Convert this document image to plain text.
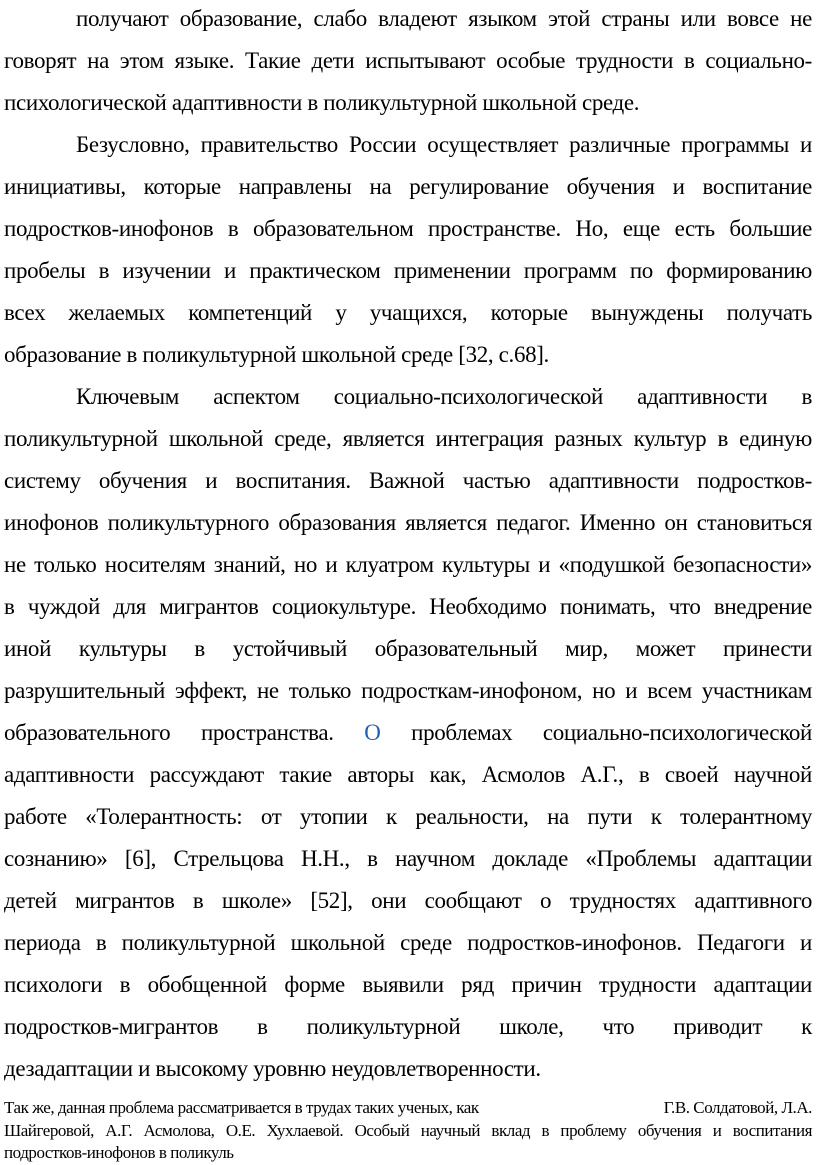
получают образование, слабо владеют языком этой страны или вовсе не
говорят на этом языке. Такие дети испытывают особые трудности в социально-
психологической адаптивности в поликультурной школьной среде.
Безусловно, правительство России осуществляет различные программы и
инициативы, которые направлены на регулирование обучения и воспитание
подростков-инофонов в образовательном пространстве. Но, еще есть большие
пробелы в изучении и практическом применении программ по формированию
всех желаемых компетенций у учащихся, которые вынуждены получать
образование в поликультурной школьной среде [32, с.68].
Ключевым аспектом социально-психологической адаптивности в
поликультурной школьной среде, является интеграция разных культур в единую
систему обучения и воспитания. Важной частью адаптивности подростков-
инофонов поликультурного образования является педагог. Именно он становиться
не только носителям знаний, но и клуатром культуры и «подушкой безопасности»
в чуждой для мигрантов социокультуре. Необходимо понимать, что внедрение
иной культуры в устойчивый образовательный мир, может принести
разрушительный эффект, не только подросткам-инофоном, но и всем участникам
образовательного пространства. О проблемах социально-психологической
адаптивности рассуждают такие авторы как, Асмолов А.Г., в своей научной
работе «Толерантность: от утопии к реальности, на пути к толерантному
сознанию» [6], Стрельцова Н.Н., в научном докладе «Проблемы адаптации
детей мигрантов в школе» [52], они сообщают о трудностях адаптивного
периода в поликультурной школьной среде подростков-инофонов. Педагоги и
психологи в обобщенной форме выявили ряд причин трудности адаптации
подростков-мигрантов в поликультурной школе, что приводит к
дезадаптации и высокому уровню неудовлетворенности.
Так же, данная проблема рассматривается в трудах таких ученых, как	Г.В. Солдатовой, Л.А.
Шайгеровой, А.Г. Асмолова, О.Е. Хухлаевой. Особый научный вклад в проблему обучения и воспитания
подростков-инофонов в поликуль
